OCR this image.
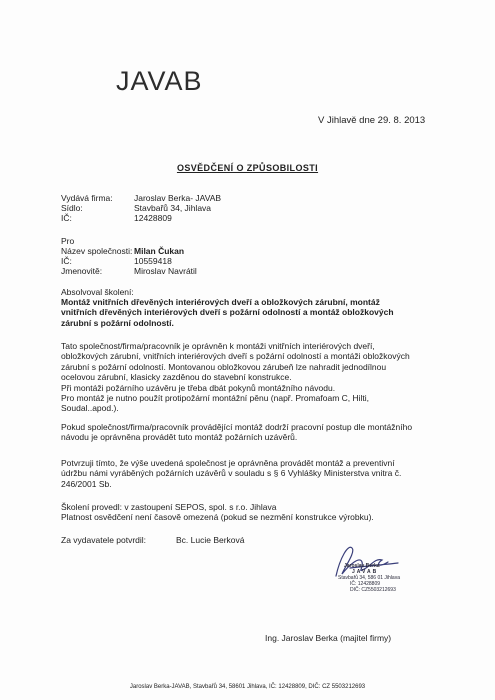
JAVAB
V Jihlavě dne 29. 8. 2013
OSVĚDČENÍ O ZPŮSOBILOSTI
Vydává firma:	Jaroslav Berka- JAVAB
Sídlo:	Stavbařů 34, Jihlava
IČ:	12428809
Pro
Název společnosti: Milan Čukan
IČ:	10559418
Jmenovitě:	Miroslav Navrátil
Absolvoval školení:
Montáž vnitřních dřevěných interiérových dveří a obložkových zárubní, montáž
vnitřních dřevěných interiérových dveří s požární odolností a montáž obložkových
zárubní s požární odolností.
Tato společnost/firma/pracovník je oprávněn k montáži vnitřních interiérových dveří,
obložkových zárubní, vnitřních interiérových dveří s požární odolností a montáži obložkových
zárubní s požární odolností. Montovanou obložkovou zárubeň lze nahradit jednodílnou
ocelovou zárubní, klasicky zazděnou do stavební konstrukce.
Při montáži požárního uzávěru je třeba dbát pokynů montážního návodu.
Pro montáž je nutno použít protipožární montážní pěnu (např. Promafoam C, Hilti,
Soudal..apod.).
Pokud společnost/firma/pracovník provádějící montáž dodrží pracovní postup dle montážního
návodu je oprávněna provádět tuto montáž požárních uzávěrů.
Potvrzuji tímto, že výše uvedená společnost je oprávněna provádět montáž a preventivní
údržbu námi vyráběných požárních uzávěrů v souladu s § 6 Vyhlášky Ministerstva vnitra č.
246/2001 Sb.
Školení provedl: v zastoupení SEPOS, spol. s r.o. Jihlava
Platnost osvědčení není časově omezená (pokud se nezmění konstrukce výrobku).
Za vydavatele potvrdil:	Bc. Lucie Berková
Jaroslav Berka
JAVAB
Stavbařů 34, 586 01 Jihlava
IČ: 12428809
DIČ: CZ5503212693
Ing. Jaroslav Berka (majitel firmy)
Jaroslav Berka-JAVAB, Stavbařů 34, 58601 Jihlava, IČ: 12428809, DIČ: CZ 5503212693
